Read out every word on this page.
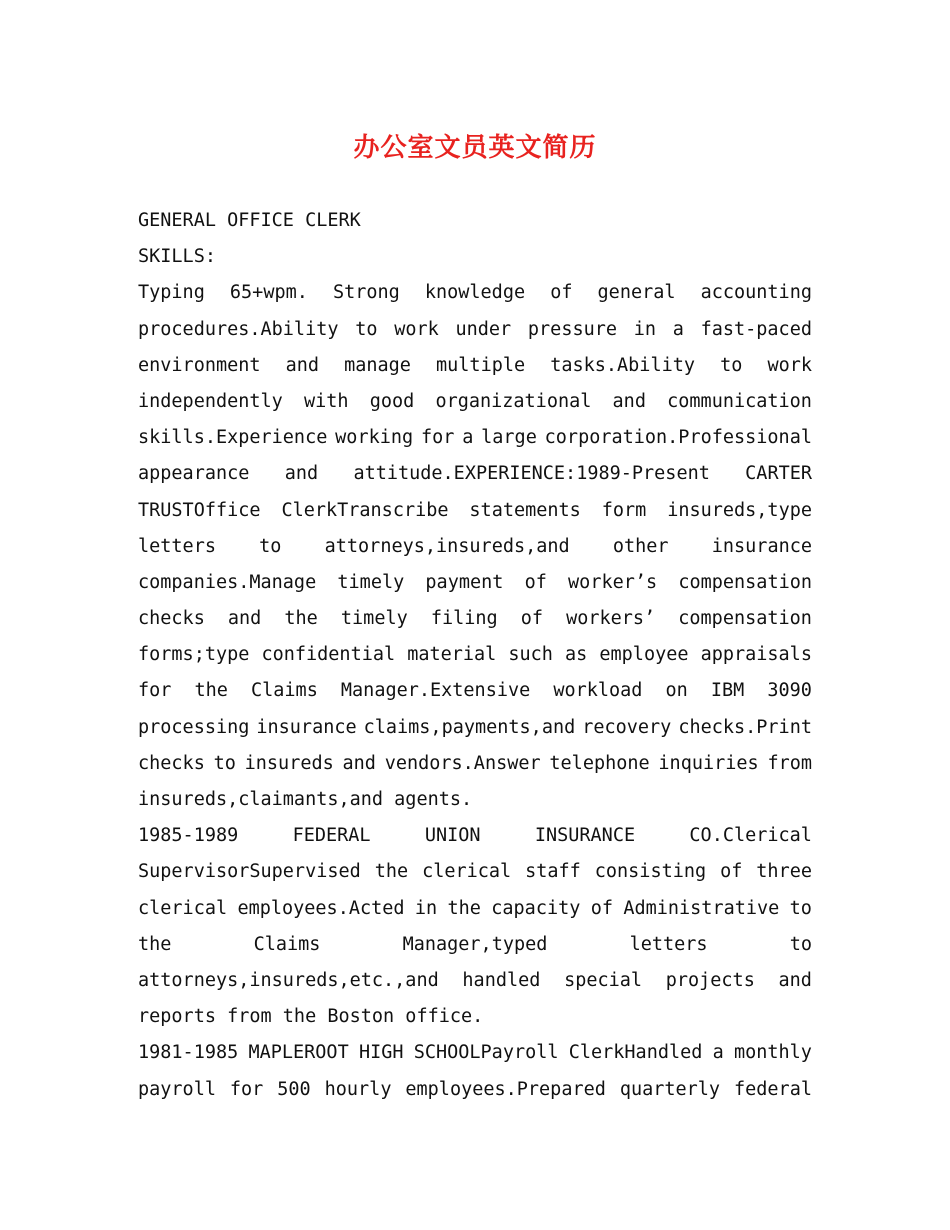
办公室文员英文简历
GENERAL OFFICE CLERK
SKILLS:
Typing 65+wpm. Strong knowledge of general accounting
procedures.Ability to work under pressure in a fast-paced
environment and manage multiple tasks.Ability to work
independently with good organizational and communication
skills.Experience working for a large corporation.Professional
appearance and attitude.EXPERIENCE:1989-Present CARTER
TRUSTOffice ClerkTranscribe statements form insureds,type
letters to attorneys,insureds,and other insurance
companies.Manage timely payment of worker’s compensation
checks and the timely filing of workers’ compensation
forms;type confidential material such as employee appraisals
for the Claims Manager.Extensive workload on IBM 3090
processing insurance claims,payments,and recovery checks.Print
checks to insureds and vendors.Answer telephone inquiries from
insureds,claimants,and agents.
1985-1989	FEDERAL	UNION	INSURANCE	CO.Clerical
SupervisorSupervised the clerical staff consisting of three
clerical employees.Acted in the capacity of Administrative to
the	Claims	Manager,typed	letters	to
attorneys,insureds,etc.,and handled special projects and
reports from the Boston office.
1981-1985 MAPLEROOT HIGH SCHOOLPayroll ClerkHandled a monthly
payroll for 500 hourly employees.Prepared quarterly federal
